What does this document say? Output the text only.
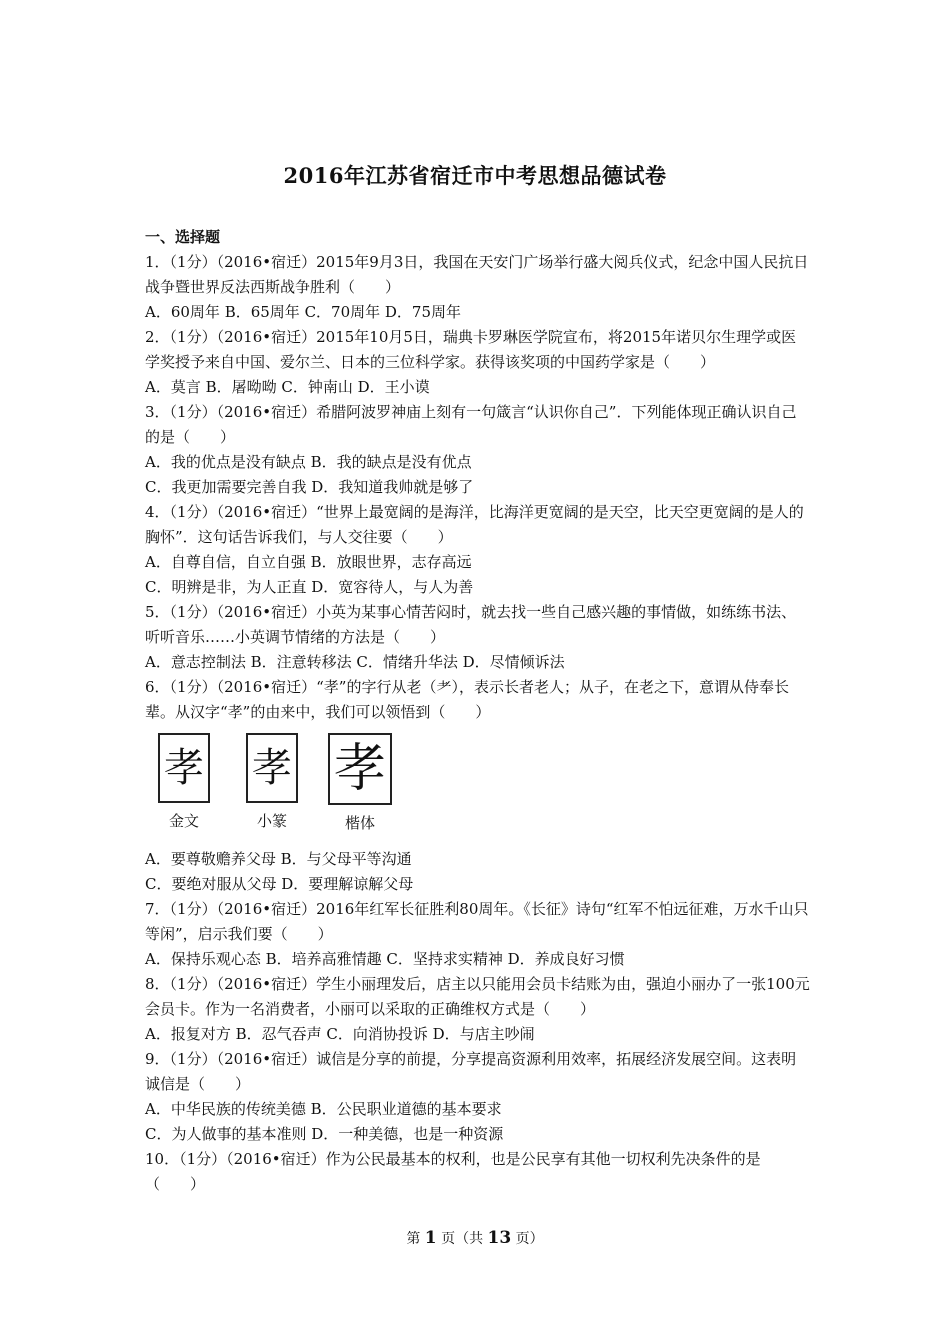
2016年江苏省宿迁市中考思想品德试卷
一、选择题

1．（1分）（2016•宿迁）2015年9月3日，我国在天安门广场举行盛大阅兵仪式，纪念中国人民抗日战争暨世界反法西斯战争胜利（　　）

A．60周年 B．65周年 C．70周年 D．75周年

2．（1分）（2016•宿迁）2015年10月5日，瑞典卡罗琳医学院宣布，将2015年诺贝尔生理学或医学奖授予来自中国、爱尔兰、日本的三位科学家。获得该奖项的中国药学家是（　　）

A．莫言 B．屠呦呦 C．钟南山 D．王小谟

3．（1分）（2016•宿迁）希腊阿波罗神庙上刻有一句箴言“认识你自己”．下列能体现正确认识自己的是（　　）

A．我的优点是没有缺点 B．我的缺点是没有优点

C．我更加需要完善自我 D．我知道我帅就是够了

4．（1分）（2016•宿迁）“世界上最宽阔的是海洋，比海洋更宽阔的是天空，比天空更宽阔的是人的胸怀”．这句话告诉我们，与人交往要（　　）

A．自尊自信，自立自强 B．放眼世界，志存高远

C．明辨是非，为人正直 D．宽容待人，与人为善

5．（1分）（2016•宿迁）小英为某事心情苦闷时，就去找一些自己感兴趣的事情做，如练练书法、听听音乐……小英调节情绪的方法是（　　）

A．意志控制法 B．注意转移法 C．情绪升华法 D．尽情倾诉法

6．（1分）（2016•宿迁）“孝”的字行从老（耂），表示长者老人；从子，在老之下，意谓从侍奉长辈。从汉字“孝”的由来中，我们可以领悟到（　　）

孝
金文
孝
小篆
孝
楷体

A．要尊敬赡养父母 B．与父母平等沟通

C．要绝对服从父母 D．要理解谅解父母

7．（1分）（2016•宿迁）2016年红军长征胜利80周年。《长征》诗句“红军不怕远征难，万水千山只等闲”，启示我们要（　　）

A．保持乐观心态 B．培养高雅情趣 C．坚持求实精神 D．养成良好习惯

8．（1分）（2016•宿迁）学生小丽理发后，店主以只能用会员卡结账为由，强迫小丽办了一张100元会员卡。作为一名消费者，小丽可以采取的正确维权方式是（　　）

A．报复对方 B．忍气吞声 C．向消协投诉 D．与店主吵闹

9．（1分）（2016•宿迁）诚信是分享的前提，分享提高资源利用效率，拓展经济发展空间。这表明诚信是（　　）

A．中华民族的传统美德 B．公民职业道德的基本要求

C．为人做事的基本准则 D．一种美德，也是一种资源

10．（1分）（2016•宿迁）作为公民最基本的权利，也是公民享有其他一切权利先决条件的是（　　）

第 1 页（共 13 页）
